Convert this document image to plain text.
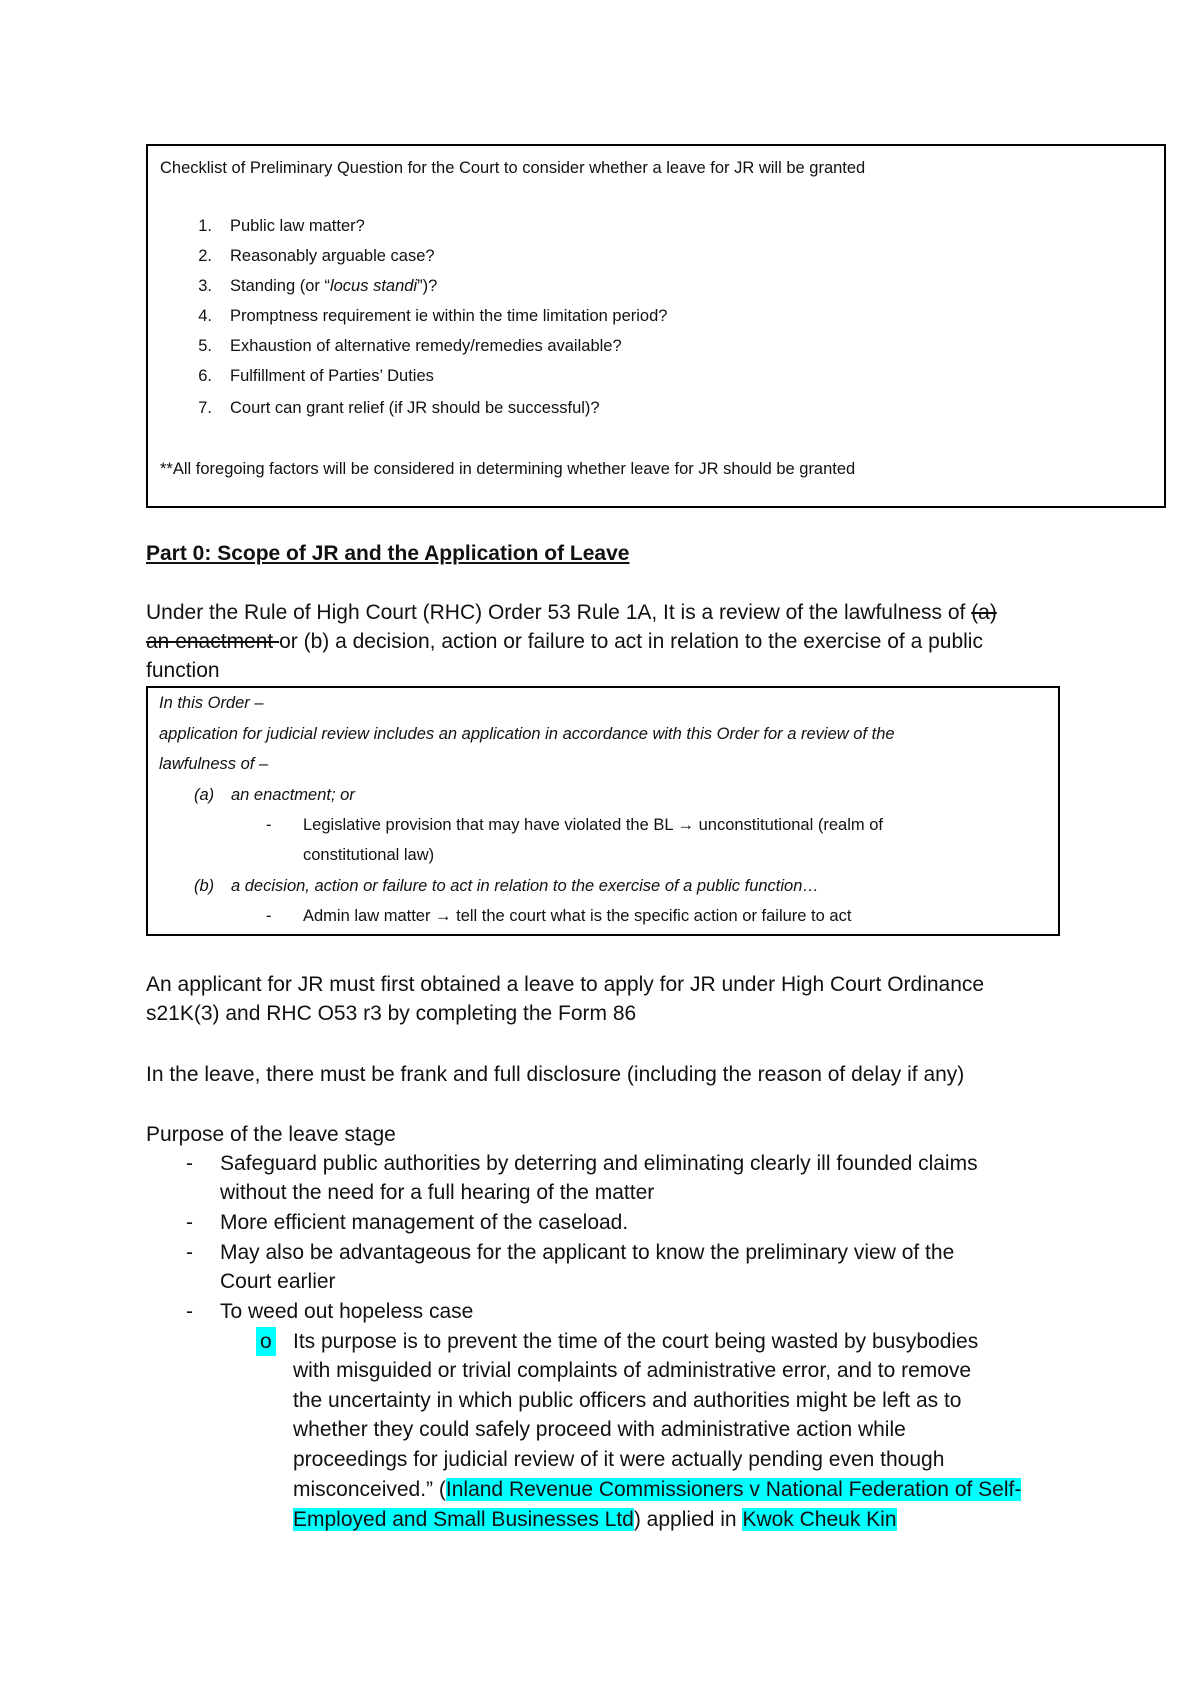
Checklist of Preliminary Question for the Court to consider whether a leave for JR will be granted
1. Public law matter?
2. Reasonably arguable case?
3. Standing (or “locus standi”)?
4. Promptness requirement ie within the time limitation period?
5. Exhaustion of alternative remedy/remedies available?
6. Fulfillment of Parties’ Duties
7. Court can grant relief (if JR should be successful)?
**All foregoing factors will be considered in determining whether leave for JR should be granted
Part 0: Scope of JR and the Application of Leave
Under the Rule of High Court (RHC) Order 53 Rule 1A, It is a review of the lawfulness of (a)
an enactment or (b) a decision, action or failure to act in relation to the exercise of a public
function
In this Order –
application for judicial review includes an application in accordance with this Order for a review of the
lawfulness of –
(a) an enactment; or
- Legislative provision that may have violated the BL → unconstitutional (realm of
constitutional law)
(b) a decision, action or failure to act in relation to the exercise of a public function…
- Admin law matter → tell the court what is the specific action or failure to act
An applicant for JR must first obtained a leave to apply for JR under High Court Ordinance
s21K(3) and RHC O53 r3 by completing the Form 86
In the leave, there must be frank and full disclosure (including the reason of delay if any)
Purpose of the leave stage
- Safeguard public authorities by deterring and eliminating clearly ill founded claims
without the need for a full hearing of the matter
- More efficient management of the caseload.
- May also be advantageous for the applicant to know the preliminary view of the
Court earlier
- To weed out hopeless case
o Its purpose is to prevent the time of the court being wasted by busybodies
with misguided or trivial complaints of administrative error, and to remove
the uncertainty in which public officers and authorities might be left as to
whether they could safely proceed with administrative action while
proceedings for judicial review of it were actually pending even though
misconceived.” (Inland Revenue Commissioners v National Federation of Self-
Employed and Small Businesses Ltd) applied in Kwok Cheuk Kin
